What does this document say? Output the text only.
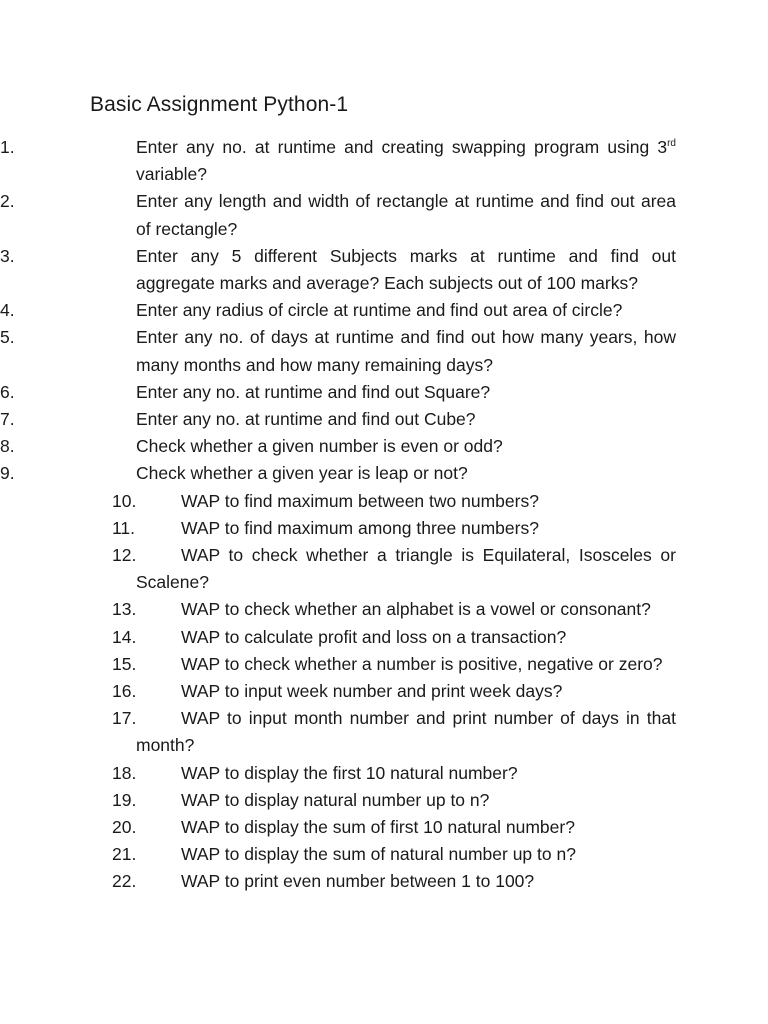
Basic Assignment Python-1
1.	Enter any no. at runtime and creating swapping program using 3rd variable?
2.	Enter any length and width of rectangle at runtime and find out area of rectangle?
3.	Enter any 5 different Subjects marks at runtime and find out aggregate marks and average? Each subjects out of 100 marks?
4.	Enter any radius of circle at runtime and find out area of circle?
5.	Enter any no. of days at runtime and find out how many years, how many months and how many remaining days?
6.	Enter any no. at runtime and find out Square?
7.	Enter any no. at runtime and find out Cube?
8.	Check whether a given number is even or odd?
9.	Check whether a given year is leap or not?
10.	WAP to find maximum between two numbers?
11.	WAP to find maximum among three numbers?
12.	WAP to check whether a triangle is Equilateral, Isosceles or Scalene?
13.	WAP to check whether an alphabet is a vowel or consonant?
14.	WAP to calculate profit and loss on a transaction?
15.	WAP to check whether a number is positive, negative or zero?
16.	WAP to input week number and print week days?
17.	WAP to input month number and print number of days in that month?
18.	WAP to display the first 10 natural number?
19.	WAP to display natural number up to n?
20.	WAP to display the sum of first 10 natural number?
21.	WAP to display the sum of natural number up to n?
22.	WAP to print even number between 1 to 100?
